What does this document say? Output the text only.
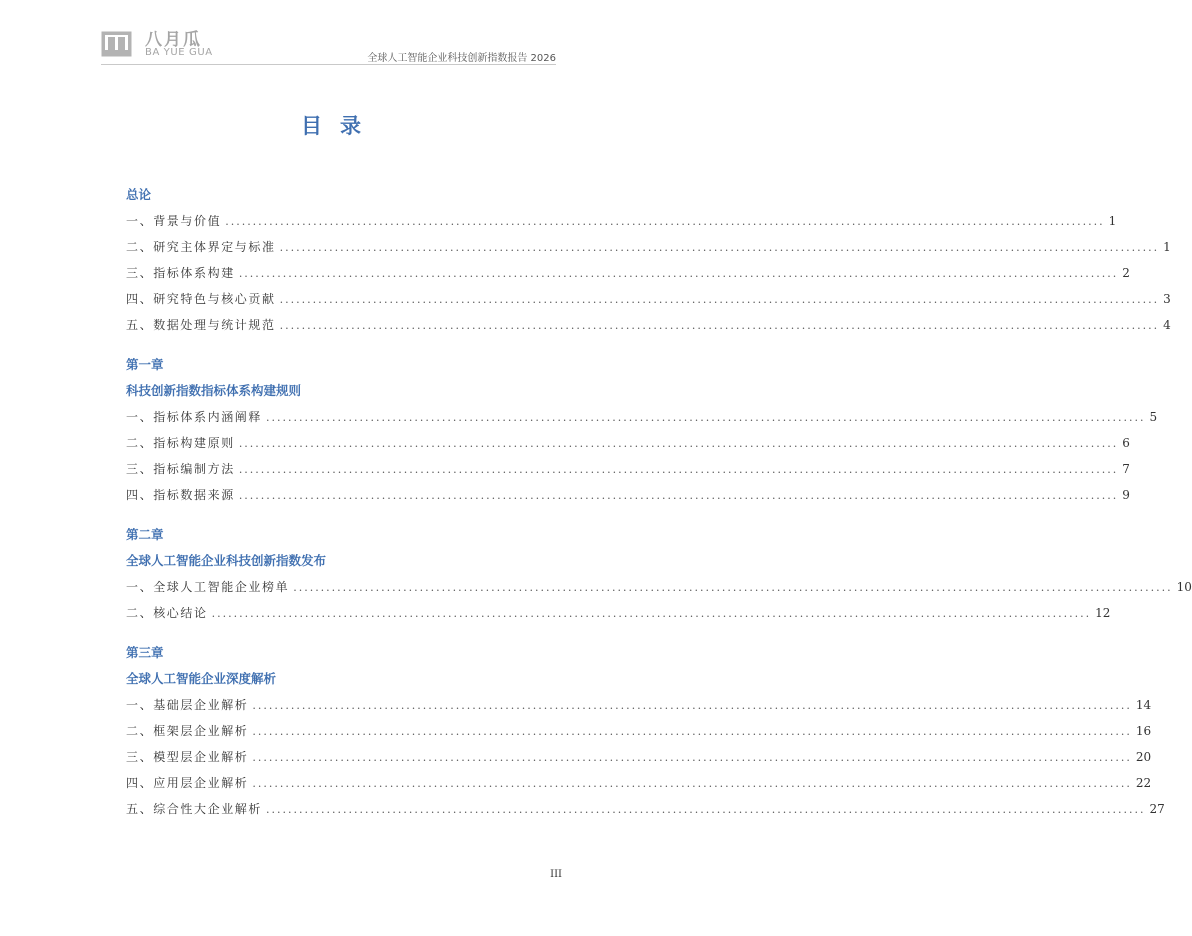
八月瓜
BA YUE GUA
全球人工智能企业科技创新指数报告 2026
目录
总论
一、背景与价值 ................................................................................................................................................................ 1
二、研究主体界定与标准 ................................................................................................................................................................ 1
三、指标体系构建 ................................................................................................................................................................ 2
四、研究特色与核心贡献 ................................................................................................................................................................ 3
五、数据处理与统计规范 ................................................................................................................................................................ 4
第一章
科技创新指数指标体系构建规则
一、指标体系内涵阐释 ................................................................................................................................................................ 5
二、指标构建原则 ................................................................................................................................................................ 6
三、指标编制方法 ................................................................................................................................................................ 7
四、指标数据来源 ................................................................................................................................................................ 9
第二章
全球人工智能企业科技创新指数发布
一、全球人工智能企业榜单 ................................................................................................................................................................ 10
二、核心结论 ................................................................................................................................................................ 12
第三章
全球人工智能企业深度解析
一、基础层企业解析 ................................................................................................................................................................ 14
二、框架层企业解析 ................................................................................................................................................................ 16
三、模型层企业解析 ................................................................................................................................................................ 20
四、应用层企业解析 ................................................................................................................................................................ 22
五、综合性大企业解析 ................................................................................................................................................................ 27
III
